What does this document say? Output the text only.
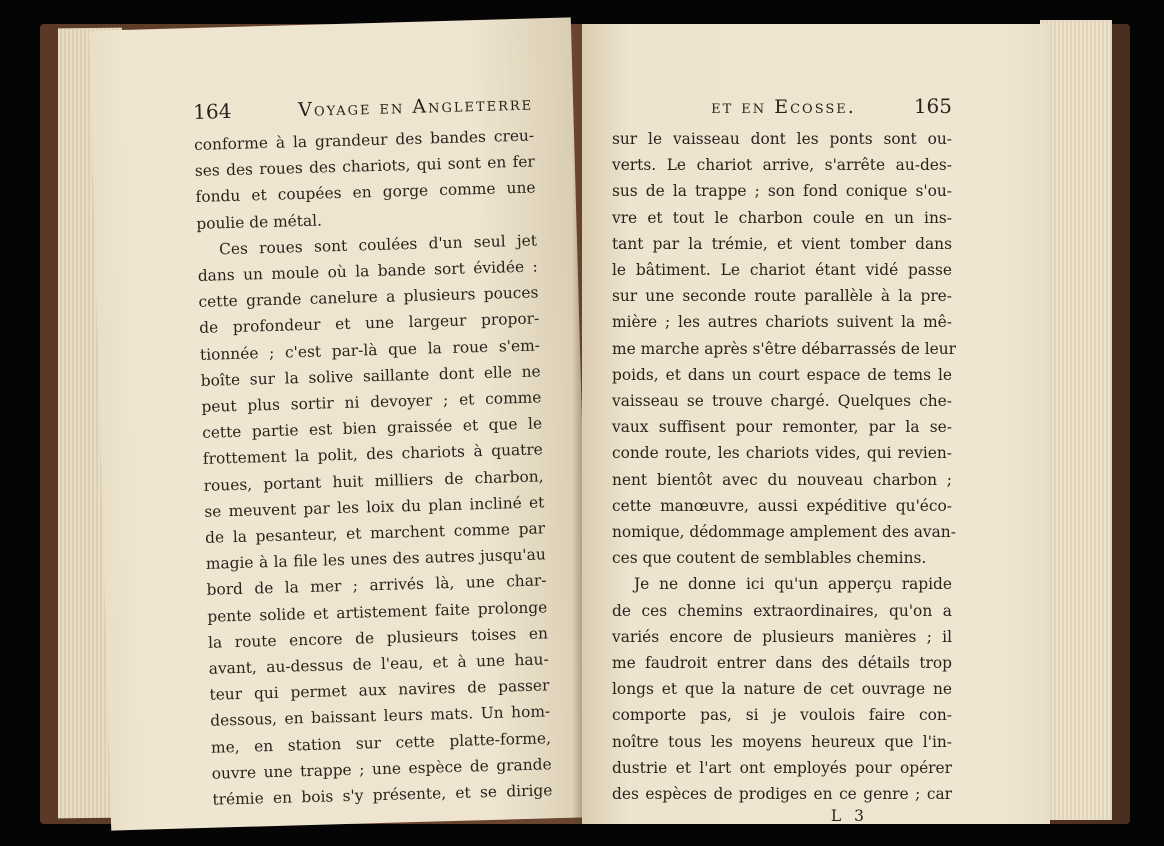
164	Voyage en Angleterre

conforme à la grandeur des bandes creu-
ses des roues des chariots, qui sont en fer
fondu et coupées en gorge comme une
poulie de métal.
Ces roues sont coulées d'un seul jet
dans un moule où la bande sort évidée :
cette grande canelure a plusieurs pouces
de profondeur et une largeur propor-
tionnée ; c'est par-là que la roue s'em-
boîte sur la solive saillante dont elle ne
peut plus sortir ni devoyer ; et comme
cette partie est bien graissée et que le
frottement la polit, des chariots à quatre
roues, portant huit milliers de charbon,
se meuvent par les loix du plan incliné et
de la pesanteur, et marchent comme par
magie à la file les unes des autres jusqu'au
bord de la mer ; arrivés là, une char-
pente solide et artistement faite prolonge
la route encore de plusieurs toises en
avant, au-dessus de l'eau, et à une hau-
teur qui permet aux navires de passer
dessous, en baissant leurs mats. Un hom-
me, en station sur cette platte-forme,
ouvre une trappe ; une espèce de grande
trémie en bois s'y présente, et se dirige

et en Ecosse.	165

sur le vaisseau dont les ponts sont ou-
verts. Le chariot arrive, s'arrête au-des-
sus de la trappe ; son fond conique s'ou-
vre et tout le charbon coule en un ins-
tant par la trémie, et vient tomber dans
le bâtiment. Le chariot étant vidé passe
sur une seconde route parallèle à la pre-
mière ; les autres chariots suivent la mê-
me marche après s'être débarrassés de leur
poids, et dans un court espace de tems le
vaisseau se trouve chargé. Quelques che-
vaux suffisent pour remonter, par la se-
conde route, les chariots vides, qui revien-
nent bientôt avec du nouveau charbon ;
cette manœuvre, aussi expéditive qu'éco-
nomique, dédommage amplement des avan-
ces que coutent de semblables chemins.
Je ne donne ici qu'un apperçu rapide
de ces chemins extraordinaires, qu'on a
variés encore de plusieurs manières ; il
me faudroit entrer dans des détails trop
longs et que la nature de cet ouvrage ne
comporte pas, si je voulois faire con-
noître tous les moyens heureux que l'in-
dustrie et l'art ont employés pour opérer
des espèces de prodiges en ce genre ; car

L 3
